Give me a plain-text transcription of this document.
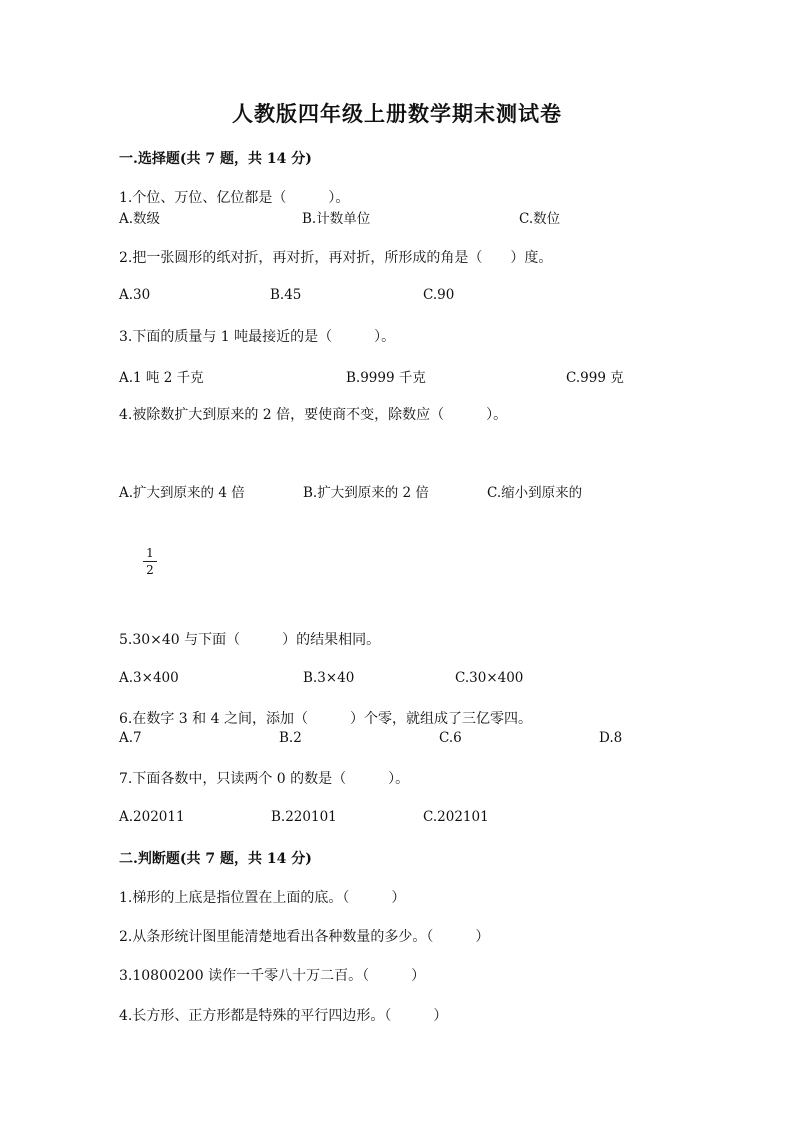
人教版四年级上册数学期末测试卷
一.选择题(共 7 题，共 14 分)
1.个位、万位、亿位都是（　　　）。
A.数级	B.计数单位	C.数位
2.把一张圆形的纸对折，再对折，再对折，所形成的角是（　　）度。
A.30	B.45	C.90
3.下面的质量与 1 吨最接近的是（　　　）。
A.1 吨 2 千克	B.9999 千克	C.999 克
4.被除数扩大到原来的 2 倍，要使商不变，除数应（　　　）。
A.扩大到原来的 4 倍	B.扩大到原来的 2 倍	C.缩小到原来的
1
2
5.30×40 与下面（　　　）的结果相同。
A.3×400	B.3×40	C.30×400
6.在数字 3 和 4 之间，添加（　　　）个零，就组成了三亿零四。
A.7	B.2	C.6	D.8
7.下面各数中，只读两个 0 的数是（　　　）。
A.202011	B.220101	C.202101
二.判断题(共 7 题，共 14 分)
1.梯形的上底是指位置在上面的底。（　　　）
2.从条形统计图里能清楚地看出各种数量的多少。（　　　）
3.10800200 读作一千零八十万二百。（　　　）
4.长方形、正方形都是特殊的平行四边形。（　　　）
